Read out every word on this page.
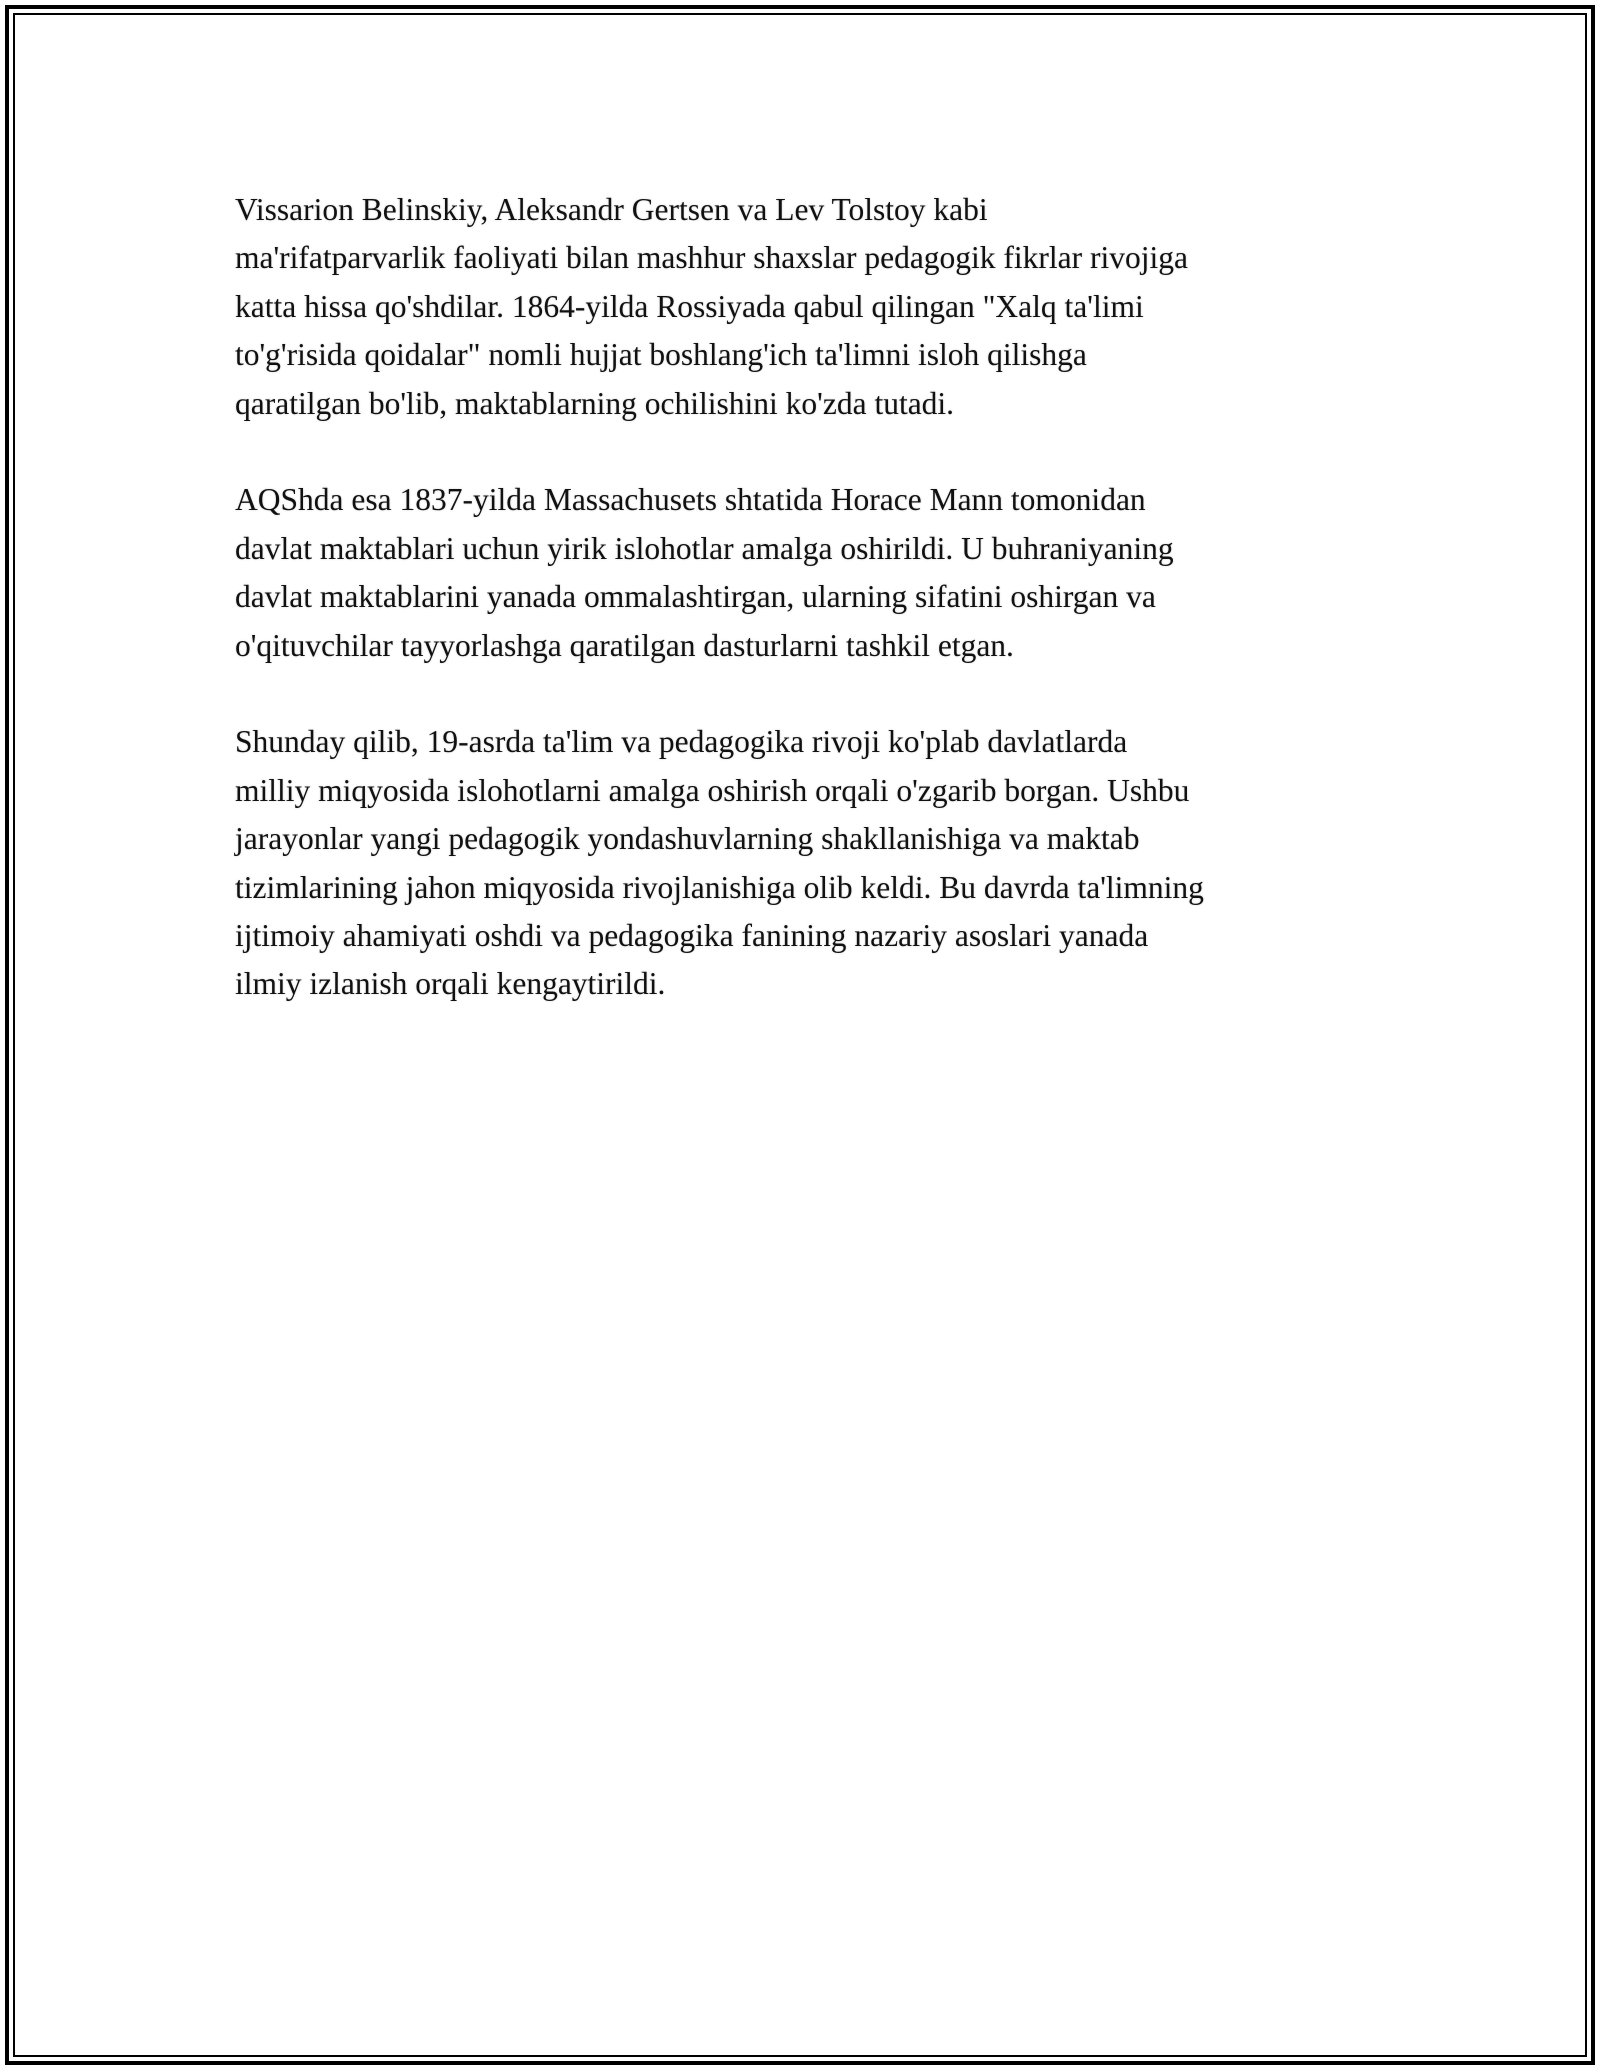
Vissarion Belinskiy, Aleksandr Gertsen va Lev Tolstoy kabi
ma'rifatparvarlik faoliyati bilan mashhur shaxslar pedagogik fikrlar rivojiga
katta hissa qo'shdilar. 1864-yilda Rossiyada qabul qilingan "Xalq ta'limi
to'g'risida qoidalar" nomli hujjat boshlang'ich ta'limni isloh qilishga
qaratilgan bo'lib, maktablarning ochilishini ko'zda tutadi.

AQShda esa 1837-yilda Massachusets shtatida Horace Mann tomonidan
davlat maktablari uchun yirik islohotlar amalga oshirildi. U buhraniyaning
davlat maktablarini yanada ommalashtirgan, ularning sifatini oshirgan va
o'qituvchilar tayyorlashga qaratilgan dasturlarni tashkil etgan.

Shunday qilib, 19-asrda ta'lim va pedagogika rivoji ko'plab davlatlarda
milliy miqyosida islohotlarni amalga oshirish orqali o'zgarib borgan. Ushbu
jarayonlar yangi pedagogik yondashuvlarning shakllanishiga va maktab
tizimlarining jahon miqyosida rivojlanishiga olib keldi. Bu davrda ta'limning
ijtimoiy ahamiyati oshdi va pedagogika fanining nazariy asoslari yanada
ilmiy izlanish orqali kengaytirildi.
